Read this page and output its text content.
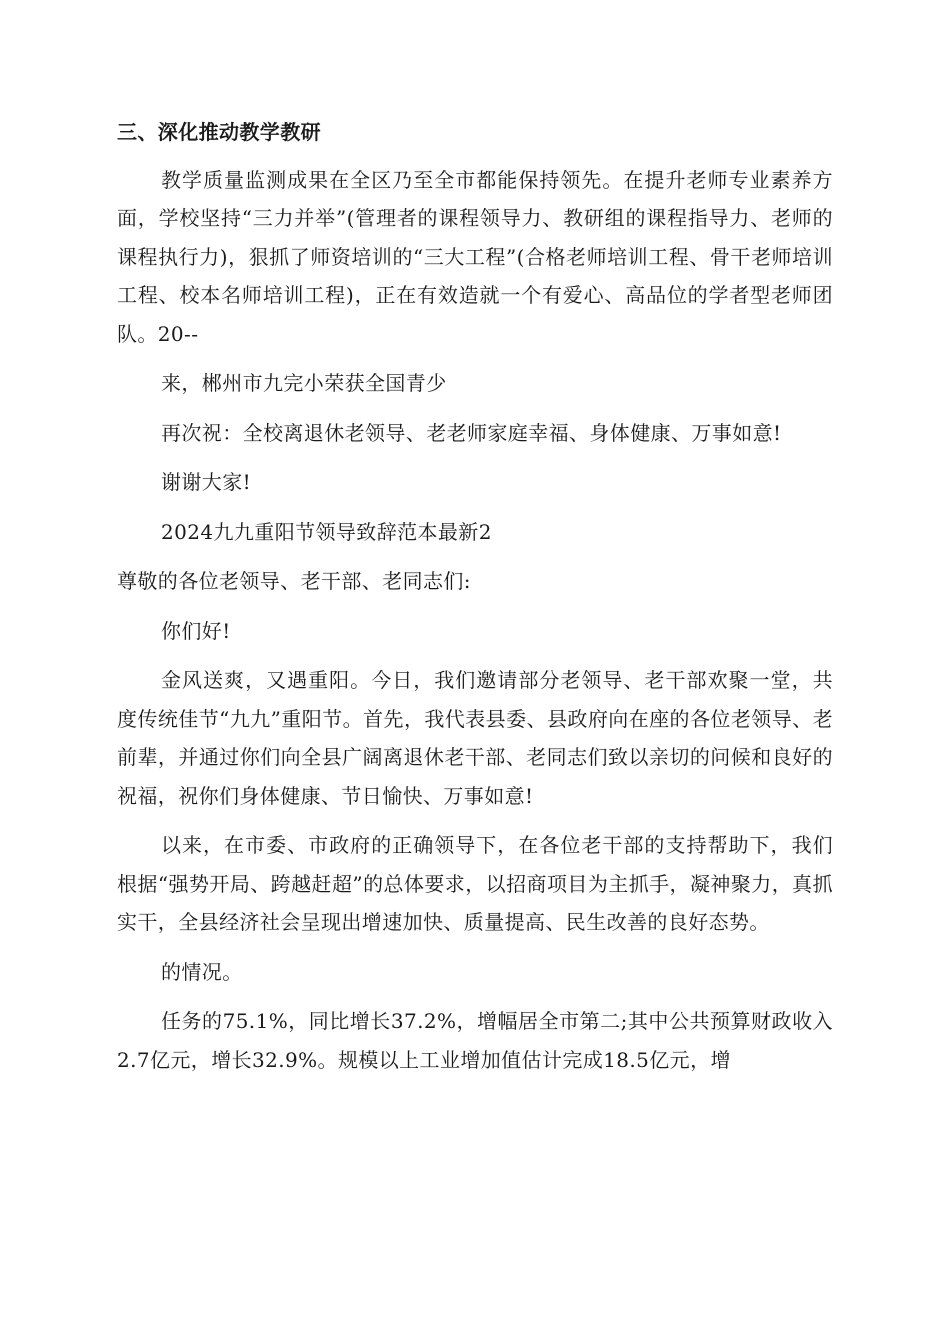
三、深化推动教学教研

教学质量监测成果在全区乃至全市都能保持领先。在提升老师专业素养方面，学校坚持“三力并举”(管理者的课程领导力、教研组的课程指导力、老师的课程执行力)，狠抓了师资培训的“三大工程”(合格老师培训工程、骨干老师培训工程、校本名师培训工程)，正在有效造就一个有爱心、高品位的学者型老师团队。20--

来，郴州市九完小荣获全国青少

再次祝：全校离退休老领导、老老师家庭幸福、身体健康、万事如意!

谢谢大家!

2024九九重阳节领导致辞范本最新2

尊敬的各位老领导、老干部、老同志们:

你们好!

金风送爽，又遇重阳。今日，我们邀请部分老领导、老干部欢聚一堂，共度传统佳节“九九”重阳节。首先，我代表县委、县政府向在座的各位老领导、老前辈，并通过你们向全县广阔离退休老干部、老同志们致以亲切的问候和良好的祝福，祝你们身体健康、节日愉快、万事如意!

以来，在市委、市政府的正确领导下，在各位老干部的支持帮助下，我们根据“强势开局、跨越赶超”的总体要求，以招商项目为主抓手，凝神聚力，真抓实干，全县经济社会呈现出增速加快、质量提高、民生改善的良好态势。

的情况。

任务的75.1%，同比增长37.2%，增幅居全市第二;其中公共预算财政收入2.7亿元，增长32.9%。规模以上工业增加值估计完成18.5亿元，增
